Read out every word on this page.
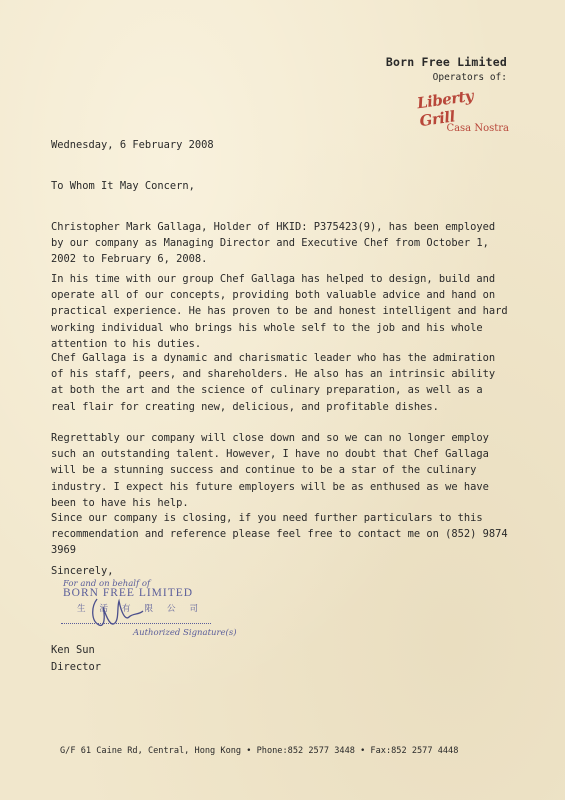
Born Free Limited
Operators of:
Liberty Grill
Casa Nostra
Wednesday, 6 February 2008
To Whom It May Concern,

Christopher Mark Gallaga, Holder of HKID: P375423(9), has been employed by our company as Managing Director and Executive Chef from October 1, 2002 to February 6, 2008.

In his time with our group Chef Gallaga has helped to design, build and operate all of our concepts, providing both valuable advice and hand on practical experience. He has proven to be and honest intelligent and hard working individual who brings his whole self to the job and his whole attention to his duties.

Chef Gallaga is a dynamic and charismatic leader who has the admiration of his staff, peers, and shareholders. He also has an intrinsic ability at both the art and the science of culinary preparation, as well as a real flair for creating new, delicious, and profitable dishes.

Regrettably our company will close down and so we can no longer employ such an outstanding talent. However, I have no doubt that Chef Gallaga will be a stunning success and continue to be a star of the culinary industry. I expect his future employers will be as enthused as we have been to have his help.

Since our company is closing, if you need further particulars to this recommendation and reference please feel free to contact me on (852) 9874 3969

Sincerely,
For and on behalf of
BORN FREE LIMITED
生活有限公司
Authorized Signature(s)
Ken Sun
Director
G/F 61 Caine Rd, Central, Hong Kong • Phone:852 2577 3448 • Fax:852 2577 4448
